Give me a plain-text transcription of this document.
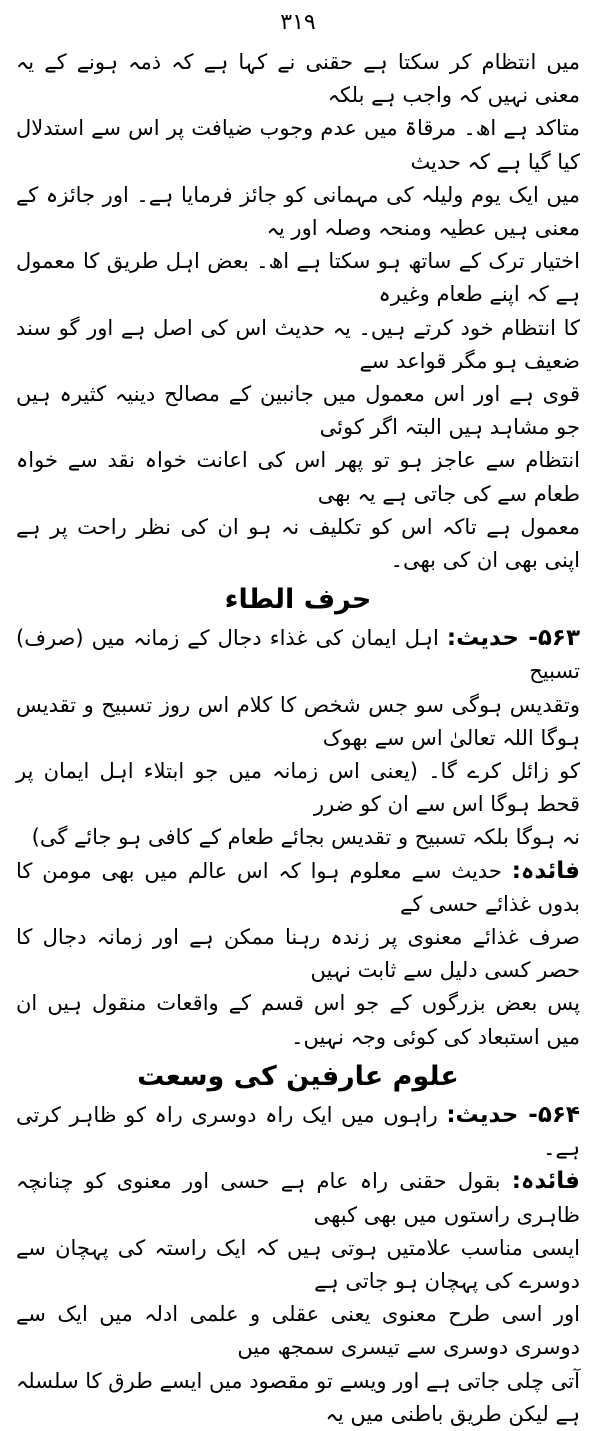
۳۱۹

میں انتظام کر سکتا ہے حقنی نے کہا ہے کہ ذمہ ہونے کے یہ معنی نہیں کہ واجب ہے بلکہ

متاکد ہے اھ۔ مرقاۃ میں عدم وجوب ضیافت پر اس سے استدلال کیا گیا ہے کہ حدیث

میں ایک یوم ولیلہ کی مہمانی کو جائز فرمایا ہے۔ اور جائزہ کے معنی ہیں عطیہ ومنحہ وصلہ اور یہ

اختیار ترک کے ساتھ ہو سکتا ہے اھ۔ بعض اہل طریق کا معمول ہے کہ اپنے طعام وغیرہ

کا انتظام خود کرتے ہیں۔ یہ حدیث اس کی اصل ہے اور گو سند ضعیف ہو مگر قواعد سے

قوی ہے اور اس معمول میں جانبین کے مصالح دینیہ کثیرہ ہیں جو مشاہد ہیں البتہ اگر کوئی

انتظام سے عاجز ہو تو پھر اس کی اعانت خواہ نقد سے خواہ طعام سے کی جاتی ہے یہ بھی

معمول ہے تاکہ اس کو تکلیف نہ ہو ان کی نظر راحت پر ہے اپنی بھی ان کی بھی۔

حرف الطاء

۵۶۳- حدیث: اہل ایمان کی غذاء دجال کے زمانہ میں (صرف) تسبیح

وتقدیس ہوگی سو جس شخص کا کلام اس روز تسبیح و تقدیس ہوگا اللہ تعالیٰ اس سے بھوک

کو زائل کرے گا۔ (یعنی اس زمانہ میں جو ابتلاء اہل ایمان پر قحط ہوگا اس سے ان کو ضرر

نہ ہوگا بلکہ تسبیح و تقدیس بجائے طعام کے کافی ہو جائے گی)

فائدہ: حدیث سے معلوم ہوا کہ اس عالم میں بھی مومن کا بدوں غذائے حسی کے

صرف غذائے معنوی پر زندہ رہنا ممکن ہے اور زمانہ دجال کا حصر کسی دلیل سے ثابت نہیں

پس بعض بزرگوں کے جو اس قسم کے واقعات منقول ہیں ان میں استبعاد کی کوئی وجہ نہیں۔

علوم عارفین کی وسعت

۵۶۴- حدیث: راہوں میں ایک راہ دوسری راہ کو ظاہر کرتی ہے۔

فائدہ: بقول حقنی راہ عام ہے حسی اور معنوی کو چنانچہ ظاہری راستوں میں بھی کبھی

ایسی مناسب علامتیں ہوتی ہیں کہ ایک راستہ کی پہچان سے دوسرے کی پہچان ہو جاتی ہے

اور اسی طرح معنوی یعنی عقلی و علمی ادلہ میں ایک سے دوسری دوسری سے تیسری سمجھ میں

آتی چلی جاتی ہے اور ویسے تو مقصود میں ایسے طرق کا سلسلہ ہے لیکن طریق باطنی میں یہ
